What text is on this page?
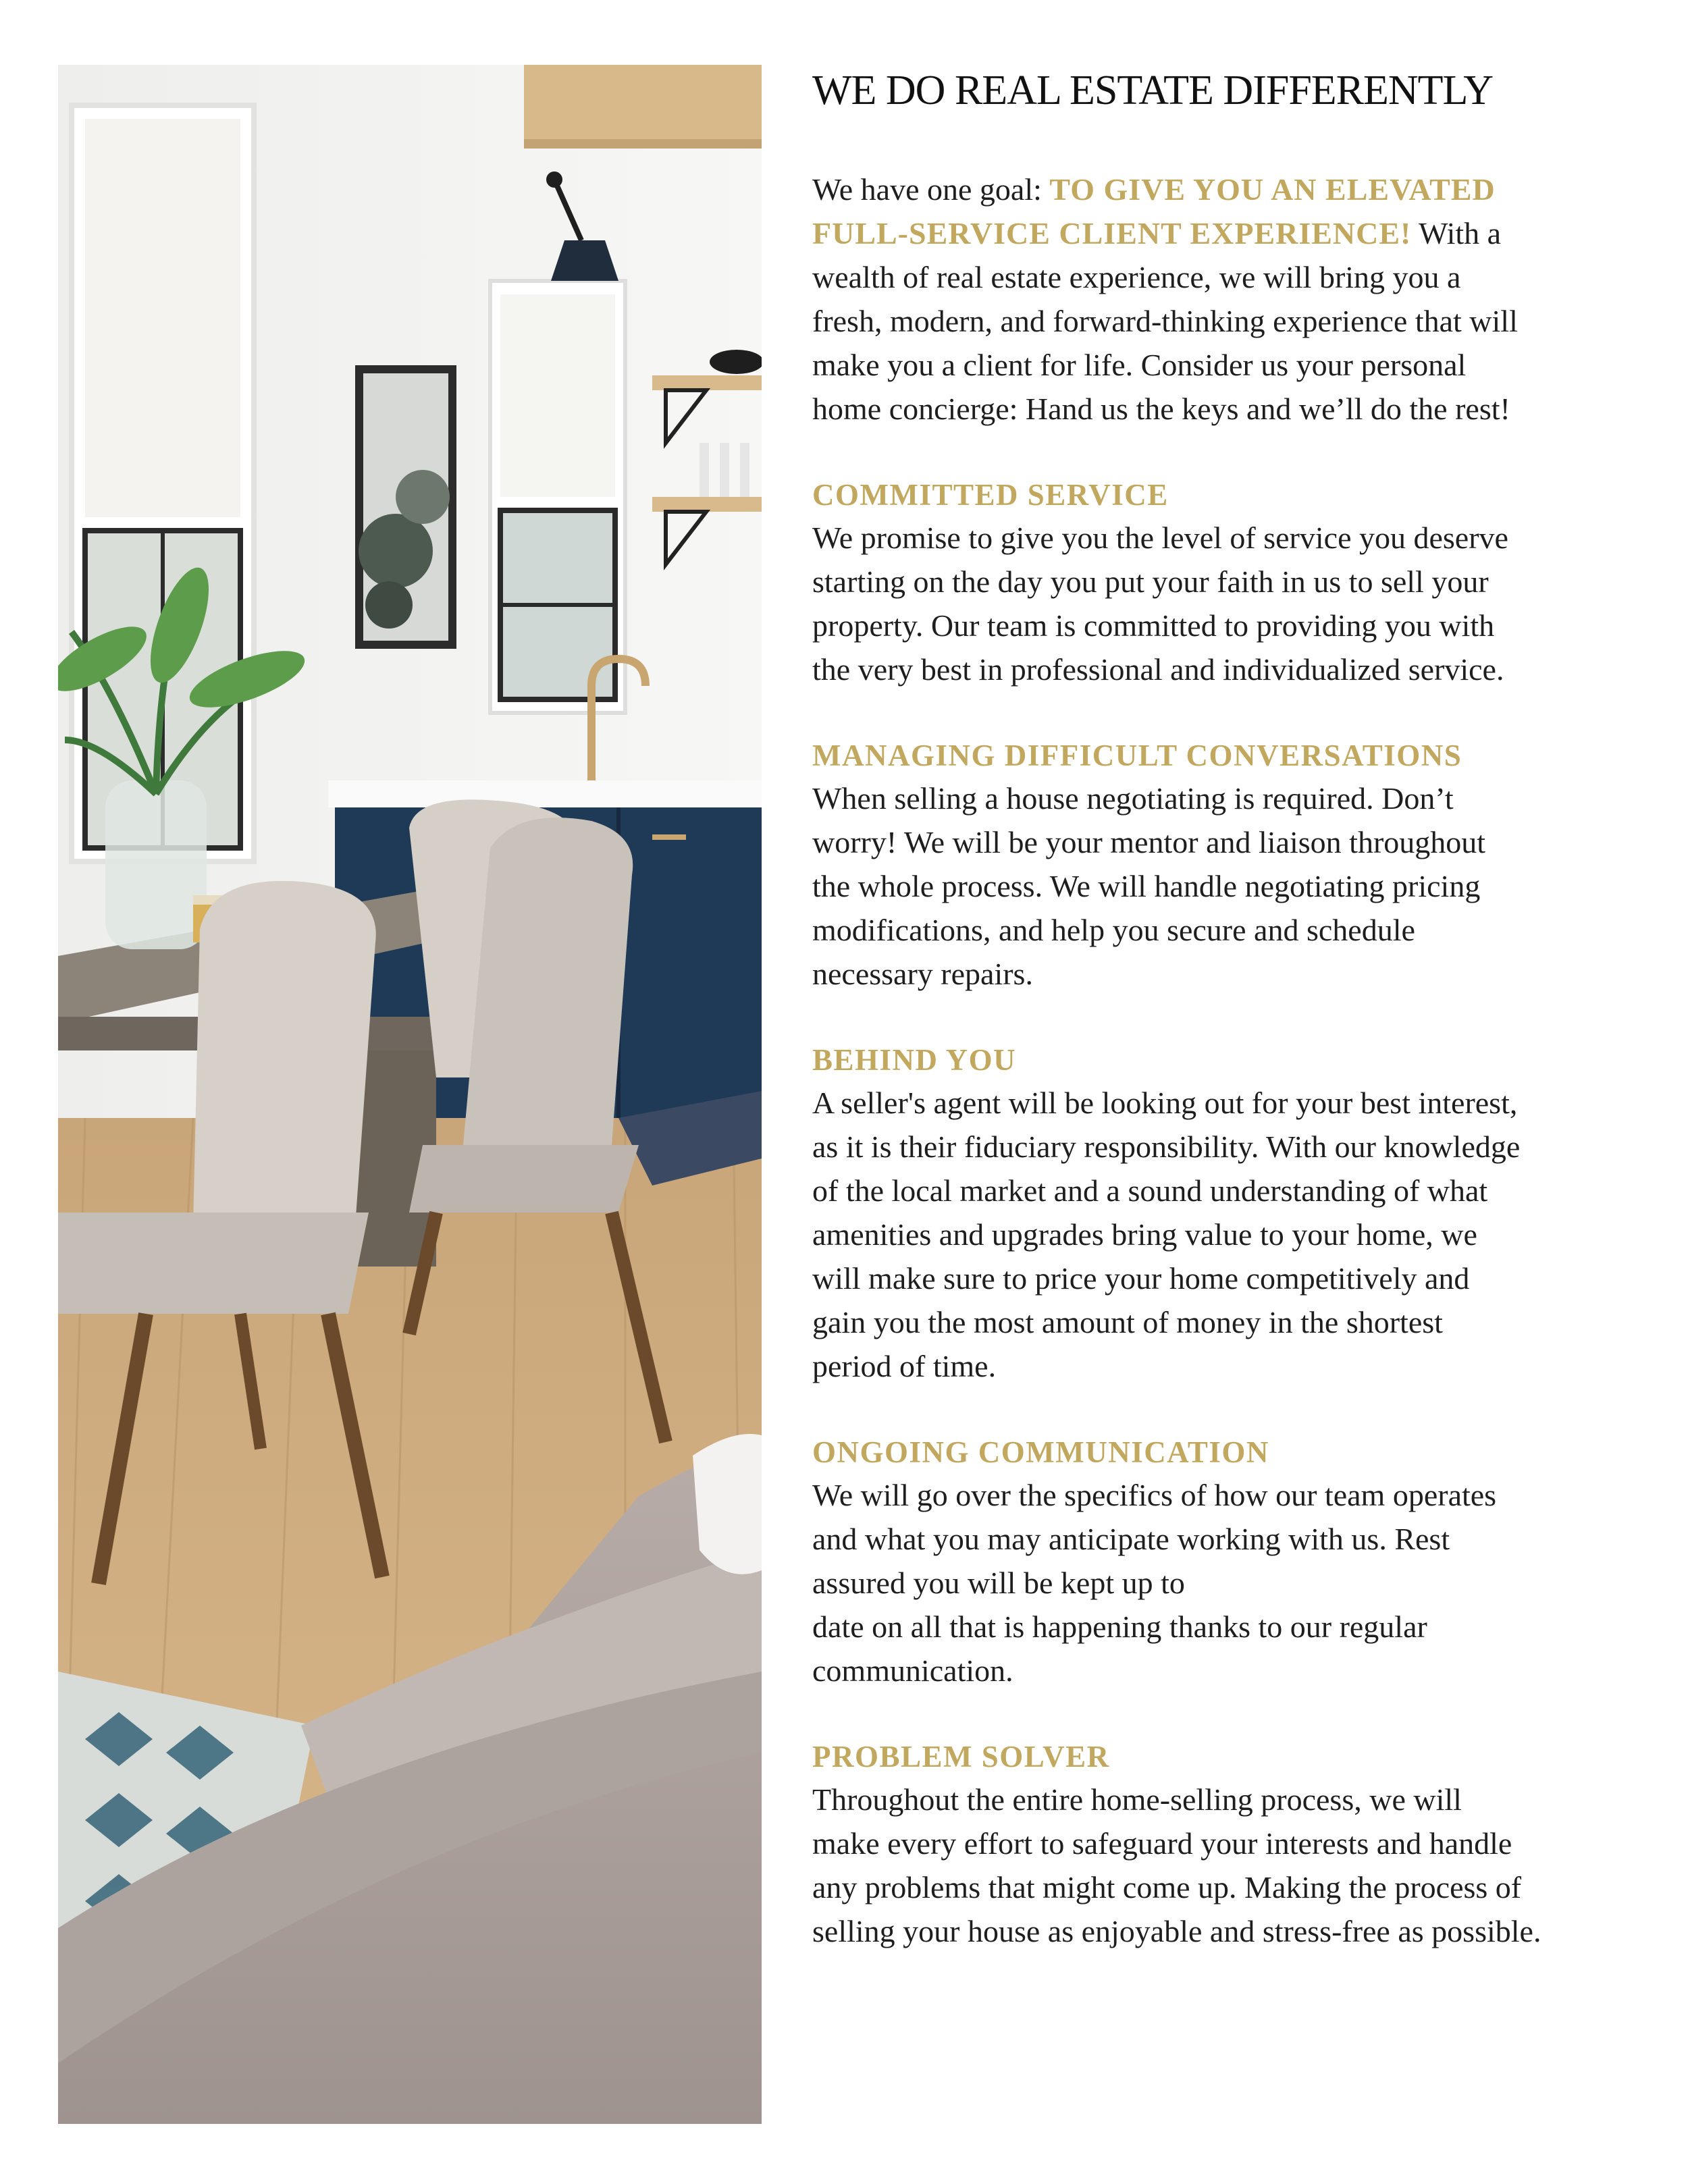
WE DO REAL ESTATE DIFFERENTLY

We have one goal: TO GIVE YOU AN ELEVATED
FULL-SERVICE CLIENT EXPERIENCE! With a
wealth of real estate experience, we will bring you a
fresh, modern, and forward-thinking experience that will
make you a client for life. Consider us your personal
home concierge: Hand us the keys and we’ll do the rest!

COMMITTED SERVICE

We promise to give you the level of service you deserve
starting on the day you put your faith in us to sell your
property. Our team is committed to providing you with
the very best in professional and individualized service.

MANAGING DIFFICULT CONVERSATIONS

When selling a house negotiating is required. Don’t
worry! We will be your mentor and liaison throughout
the whole process. We will handle negotiating pricing
modifications, and help you secure and schedule
necessary repairs.

BEHIND YOU

A seller's agent will be looking out for your best interest,
as it is their fiduciary responsibility. With our knowledge
of the local market and a sound understanding of what
amenities and upgrades bring value to your home, we
will make sure to price your home competitively and
gain you the most amount of money in the shortest
period of time.

ONGOING COMMUNICATION

We will go over the specifics of how our team operates
and what you may anticipate working with us. Rest
assured you will be kept up to
date on all that is happening thanks to our regular
communication.

PROBLEM SOLVER

Throughout the entire home-selling process, we will
make every effort to safeguard your interests and handle
any problems that might come up. Making the process of
selling your house as enjoyable and stress-free as possible.
